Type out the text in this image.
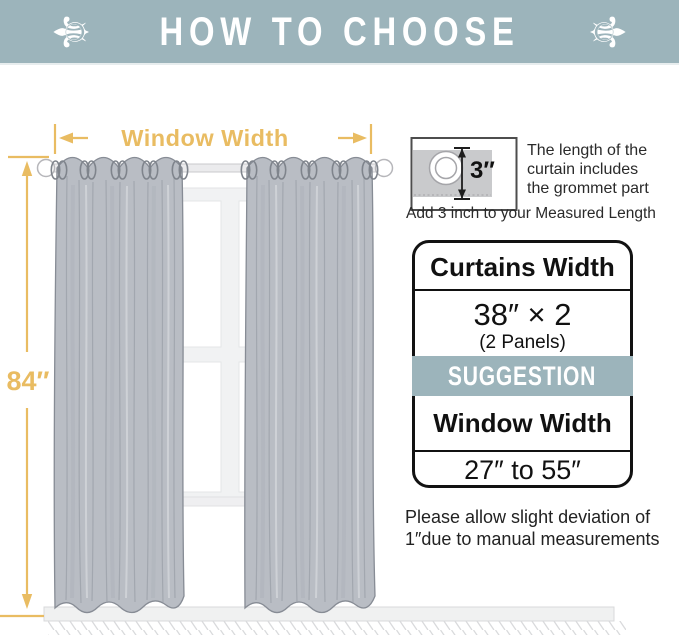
Window Width
84″
⚜ HOW TO CHOOSE ⚜
3″
The length of the
curtain includes
the grommet part
Add 3 inch to your Measured Length
Curtains Width
38″ × 2
(2 Panels)
SUGGESTION
Window Width
27″ to 55″
Please allow slight deviation of
1″due to manual measurements
